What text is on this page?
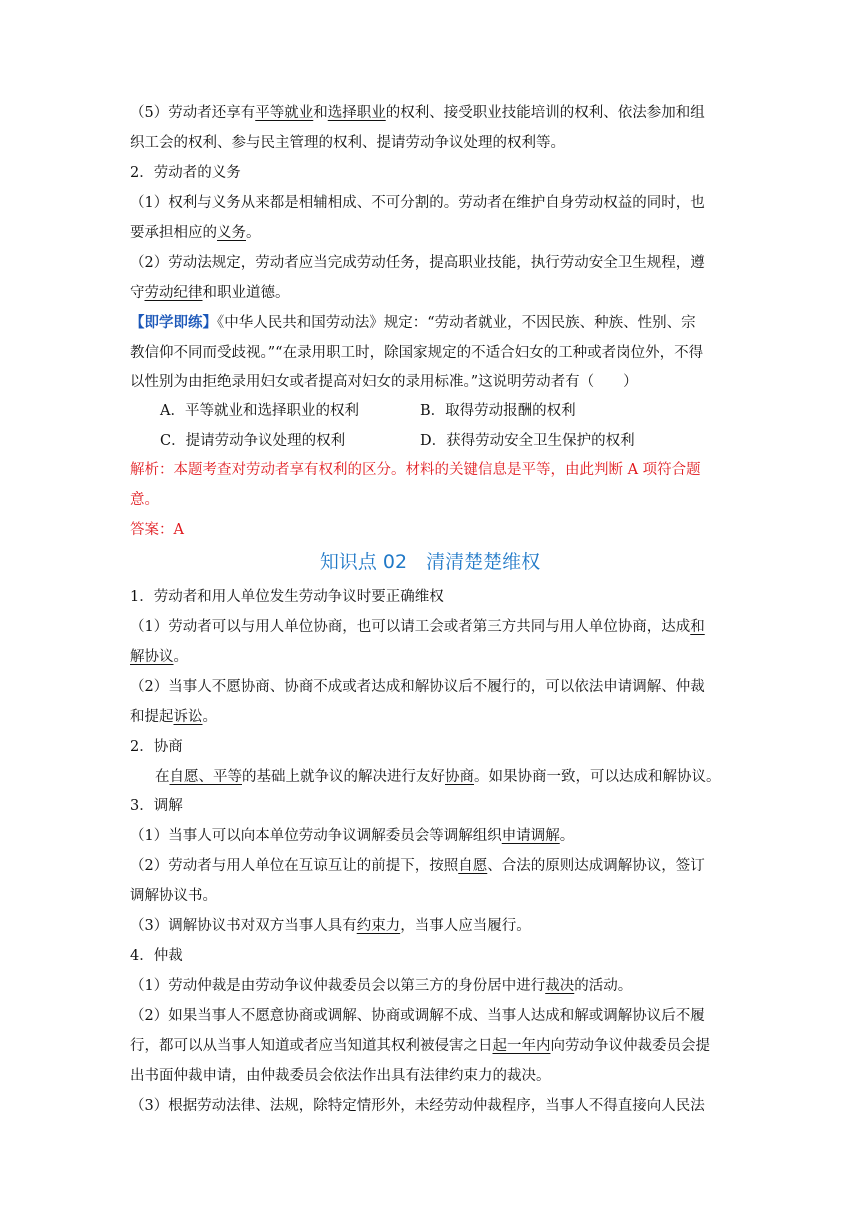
（5）劳动者还享有平等就业和选择职业的权利、接受职业技能培训的权利、依法参加和组
织工会的权利、参与民主管理的权利、提请劳动争议处理的权利等。
2．劳动者的义务
（1）权利与义务从来都是相辅相成、不可分割的。劳动者在维护自身劳动权益的同时，也
要承担相应的义务。
（2）劳动法规定，劳动者应当完成劳动任务，提高职业技能，执行劳动安全卫生规程，遵
守劳动纪律和职业道德。
【即学即练】《中华人民共和国劳动法》规定：“劳动者就业，不因民族、种族、性别、宗
教信仰不同而受歧视。”“在录用职工时，除国家规定的不适合妇女的工种或者岗位外，不得
以性别为由拒绝录用妇女或者提高对妇女的录用标准。”这说明劳动者有（　　）
A．平等就业和选择职业的权利	B．取得劳动报酬的权利
C．提请劳动争议处理的权利	D．获得劳动安全卫生保护的权利
解析：本题考查对劳动者享有权利的区分。材料的关键信息是平等，由此判断 A 项符合题
意。
答案：A
知识点 02　清清楚楚维权
1．劳动者和用人单位发生劳动争议时要正确维权
（1）劳动者可以与用人单位协商，也可以请工会或者第三方共同与用人单位协商，达成和
解协议。
（2）当事人不愿协商、协商不成或者达成和解协议后不履行的，可以依法申请调解、仲裁
和提起诉讼。
2．协商
在自愿、平等的基础上就争议的解决进行友好协商。如果协商一致，可以达成和解协议。
3．调解
（1）当事人可以向本单位劳动争议调解委员会等调解组织申请调解。
（2）劳动者与用人单位在互谅互让的前提下，按照自愿、合法的原则达成调解协议，签订
调解协议书。
（3）调解协议书对双方当事人具有约束力，当事人应当履行。
4．仲裁
（1）劳动仲裁是由劳动争议仲裁委员会以第三方的身份居中进行裁决的活动。
（2）如果当事人不愿意协商或调解、协商或调解不成、当事人达成和解或调解协议后不履
行，都可以从当事人知道或者应当知道其权利被侵害之日起一年内向劳动争议仲裁委员会提
出书面仲裁申请，由仲裁委员会依法作出具有法律约束力的裁决。
（3）根据劳动法律、法规，除特定情形外，未经劳动仲裁程序，当事人不得直接向人民法
